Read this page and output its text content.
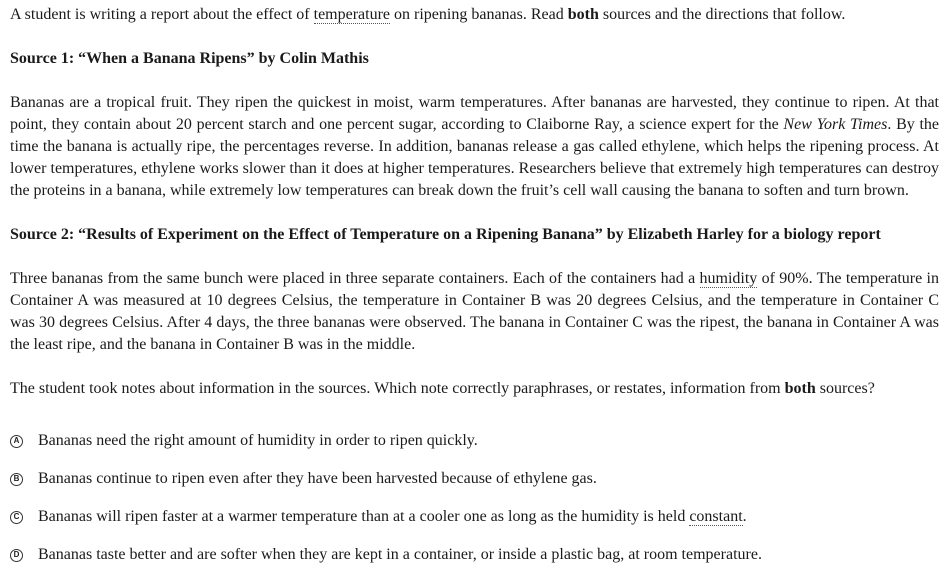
A student is writing a report about the effect of temperature on ripening bananas. Read both sources and the directions that follow.

Source 1: “When a Banana Ripens” by Colin Mathis

Bananas are a tropical fruit. They ripen the quickest in moist, warm temperatures. After bananas are harvested, they continue to ripen. At that point, they contain about 20 percent starch and one percent sugar, according to Claiborne Ray, a science expert for the New York Times. By the time the banana is actually ripe, the percentages reverse. In addition, bananas release a gas called ethylene, which helps the ripening process. At lower temperatures, ethylene works slower than it does at higher temperatures. Researchers believe that extremely high temperatures can destroy the proteins in a banana, while extremely low temperatures can break down the fruit’s cell wall causing the banana to soften and turn brown.

Source 2: “Results of Experiment on the Effect of Temperature on a Ripening Banana” by Elizabeth Harley for a biology report

Three bananas from the same bunch were placed in three separate containers. Each of the containers had a humidity of 90%. The temperature in Container A was measured at 10 degrees Celsius, the temperature in Container B was 20 degrees Celsius, and the temperature in Container C was 30 degrees Celsius. After 4 days, the three bananas were observed. The banana in Container C was the ripest, the banana in Container A was the least ripe, and the banana in Container B was in the middle.

The student took notes about information in the sources. Which note correctly paraphrases, or restates, information from both sources?

A Bananas need the right amount of humidity in order to ripen quickly.
B Bananas continue to ripen even after they have been harvested because of ethylene gas.
C Bananas will ripen faster at a warmer temperature than at a cooler one as long as the humidity is held constant.
D Bananas taste better and are softer when they are kept in a container, or inside a plastic bag, at room temperature.
